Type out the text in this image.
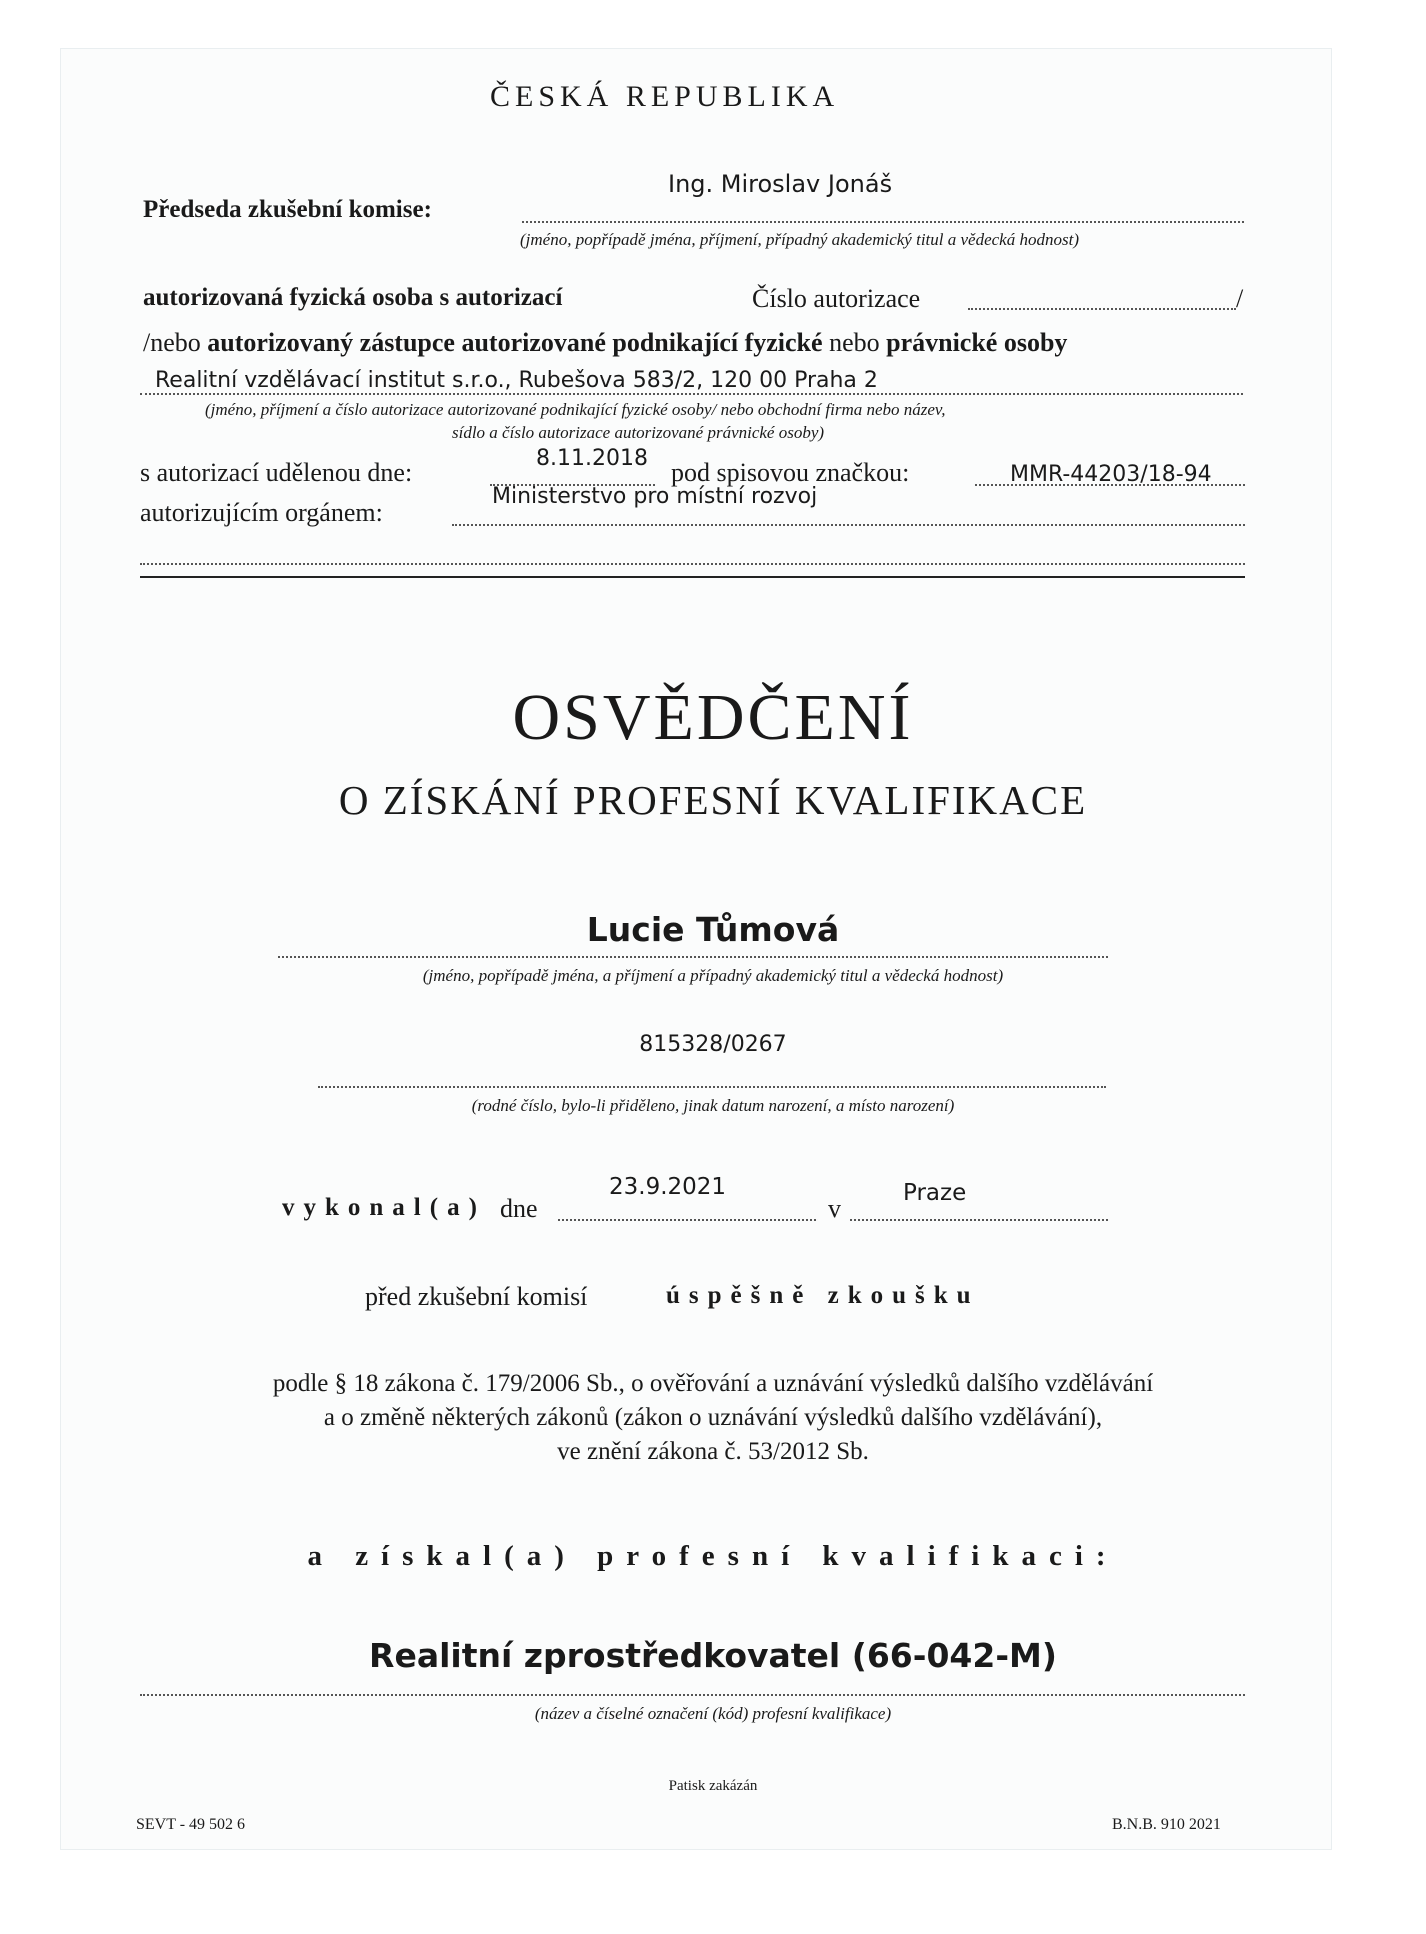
ČESKÁ REPUBLIKA
Předseda zkušební komise:
Ing. Miroslav Jonáš
(jméno, popřípadě jména, příjmení, případný akademický titul a vědecká hodnost)
autorizovaná fyzická osoba s autorizací	Číslo autorizace	/
/nebo autorizovaný zástupce autorizované podnikající fyzické nebo právnické osoby
Realitní vzdělávací institut s.r.o., Rubešova 583/2, 120 00 Praha 2
(jméno, příjmení a číslo autorizace autorizované podnikající fyzické osoby/ nebo obchodní firma nebo název,
sídlo a číslo autorizace autorizované právnické osoby)
s autorizací udělenou dne:	8.11.2018 pod spisovou značkou:	MMR-44203/18-94
autorizujícím orgánem:
Ministerstvo pro místní rozvoj
OSVĚDČENÍ
O ZÍSKÁNÍ PROFESNÍ KVALIFIKACE
Lucie Tůmová
(jméno, popřípadě jména, a příjmení a případný akademický titul a vědecká hodnost)
815328/0267
(rodné číslo, bylo-li přiděleno, jinak datum narození, a místo narození)
vykonal(a) dne
23.9.2021
v
Praze
před zkušební komisí	úspěšně zkoušku
podle § 18 zákona č. 179/2006 Sb., o ověřování a uznávání výsledků dalšího vzdělávání
a o změně některých zákonů (zákon o uznávání výsledků dalšího vzdělávání),
ve znění zákona č. 53/2012 Sb.
a získal(a) profesní kvalifikaci:
Realitní zprostředkovatel (66-042-M)
(název a číselné označení (kód) profesní kvalifikace)
Patisk zakázán
SEVT - 49 502 6	B.N.B. 910 2021
